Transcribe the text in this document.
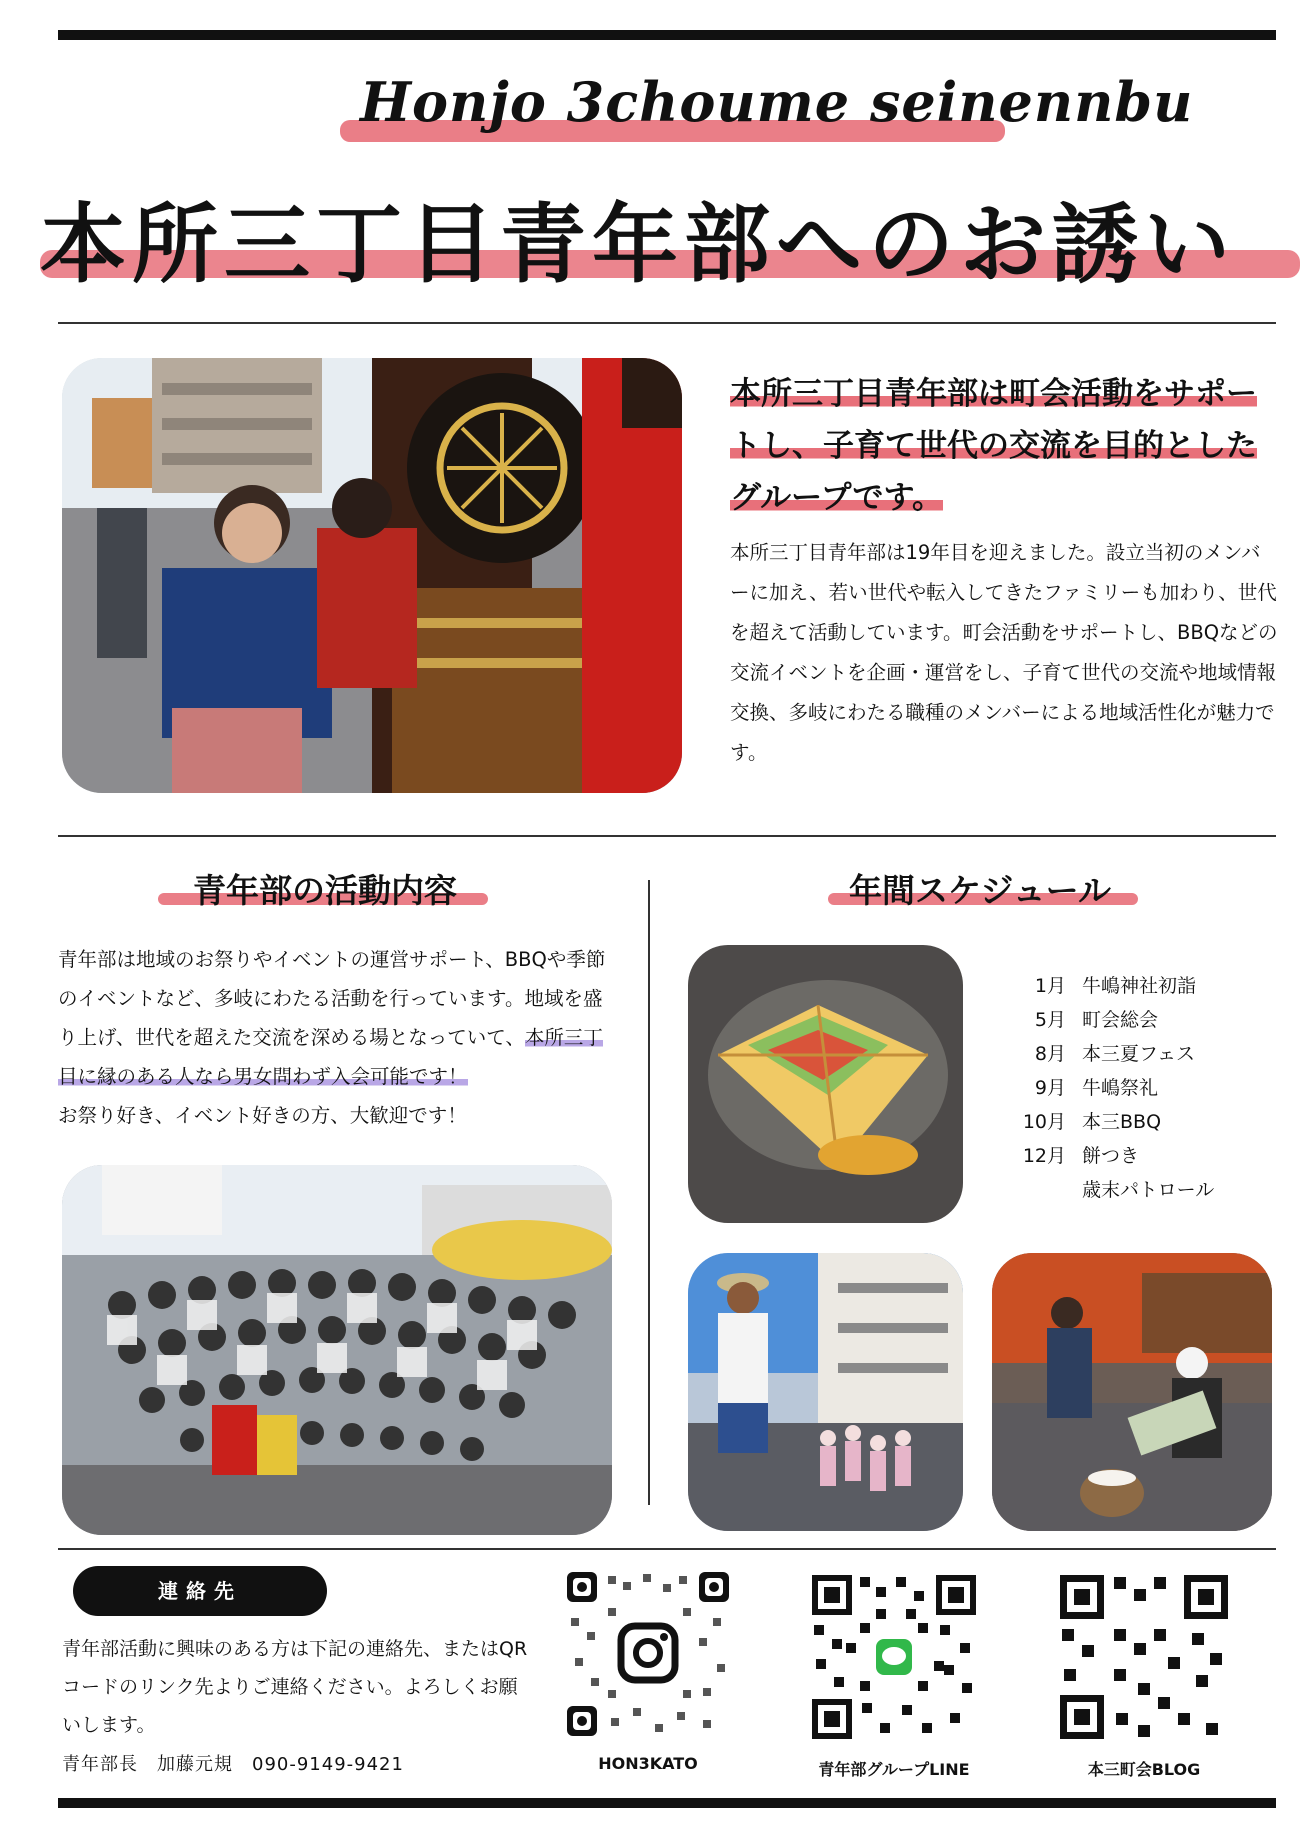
Honjo 3choume seinennbu
本所三丁目青年部へのお誘い
本所三丁目青年部は町会活動をサポートし、子育て世代の交流を目的としたグループです。
本所三丁目青年部は19年目を迎えました。設立当初のメンバーに加え、若い世代や転入してきたファミリーも加わり、世代を超えて活動しています。町会活動をサポートし、BBQなどの交流イベントを企画・運営をし、子育て世代の交流や地域情報交換、多岐にわたる職種のメンバーによる地域活性化が魅力です。
青年部の活動内容
青年部は地域のお祭りやイベントの運営サポート、BBQや季節のイベントなど、多岐にわたる活動を行っています。地域を盛り上げ、世代を超えた交流を深める場となっていて、本所三丁目に縁のある人なら男女問わず入会可能です！
お祭り好き、イベント好きの方、大歓迎です！
年間スケジュール
1月	牛嶋神社初詣
5月	町会総会
8月	本三夏フェス
9月	牛嶋祭礼
10月	本三BBQ
12月	餅つき
	歳末パトロール
連絡先
青年部活動に興味のある方は下記の連絡先、またはQRコードのリンク先よりご連絡ください。よろしくお願いします。
青年部長　加藤元規　090-9149-9421	HON3KATO	青年部グループLINE	本三町会BLOG
